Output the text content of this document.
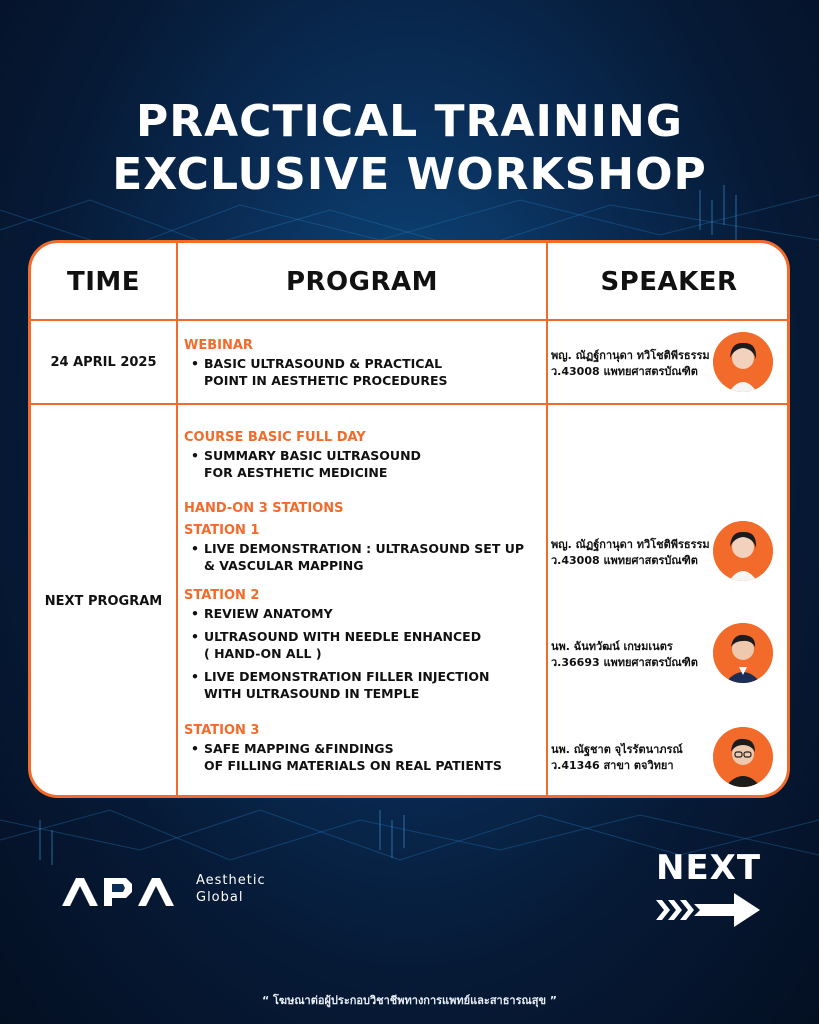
PRACTICAL TRAINING
EXCLUSIVE WORKSHOP
TIME	PROGRAM	SPEAKER
24 APRIL 2025
WEBINAR
• BASIC ULTRASOUND & PRACTICAL
POINT IN AESTHETIC PROCEDURES
พญ. ณัฏฐ์กานุดา ทวิโชติพีรธรรม
ว.43008 แพทยศาสตรบัณฑิต
NEXT PROGRAM
COURSE BASIC FULL DAY
• SUMMARY BASIC ULTRASOUND
FOR AESTHETIC MEDICINE
HAND-ON 3 STATIONS
STATION 1
• LIVE DEMONSTRATION : ULTRASOUND SET UP
& VASCULAR MAPPING
STATION 2
• REVIEW ANATOMY
• ULTRASOUND WITH NEEDLE ENHANCED
( HAND-ON ALL )
• LIVE DEMONSTRATION FILLER INJECTION
WITH ULTRASOUND IN TEMPLE
STATION 3
• SAFE MAPPING &FINDINGS
OF FILLING MATERIALS ON REAL PATIENTS
พญ. ณัฏฐ์กานุดา ทวิโชติพีรธรรม
ว.43008 แพทยศาสตรบัณฑิต
นพ. ฉันทวัฒน์ เกษมเนตร
ว.36693 แพทยศาสตรบัณฑิต
นพ. ณัฐชาต จุไรรัตนาภรณ์
ว.41346 สาขา ตจวิทยา
Aesthetic
Global
NEXT
“ โฆษณาต่อผู้ประกอบวิชาชีพทางการแพทย์และสาธารณสุข ”
